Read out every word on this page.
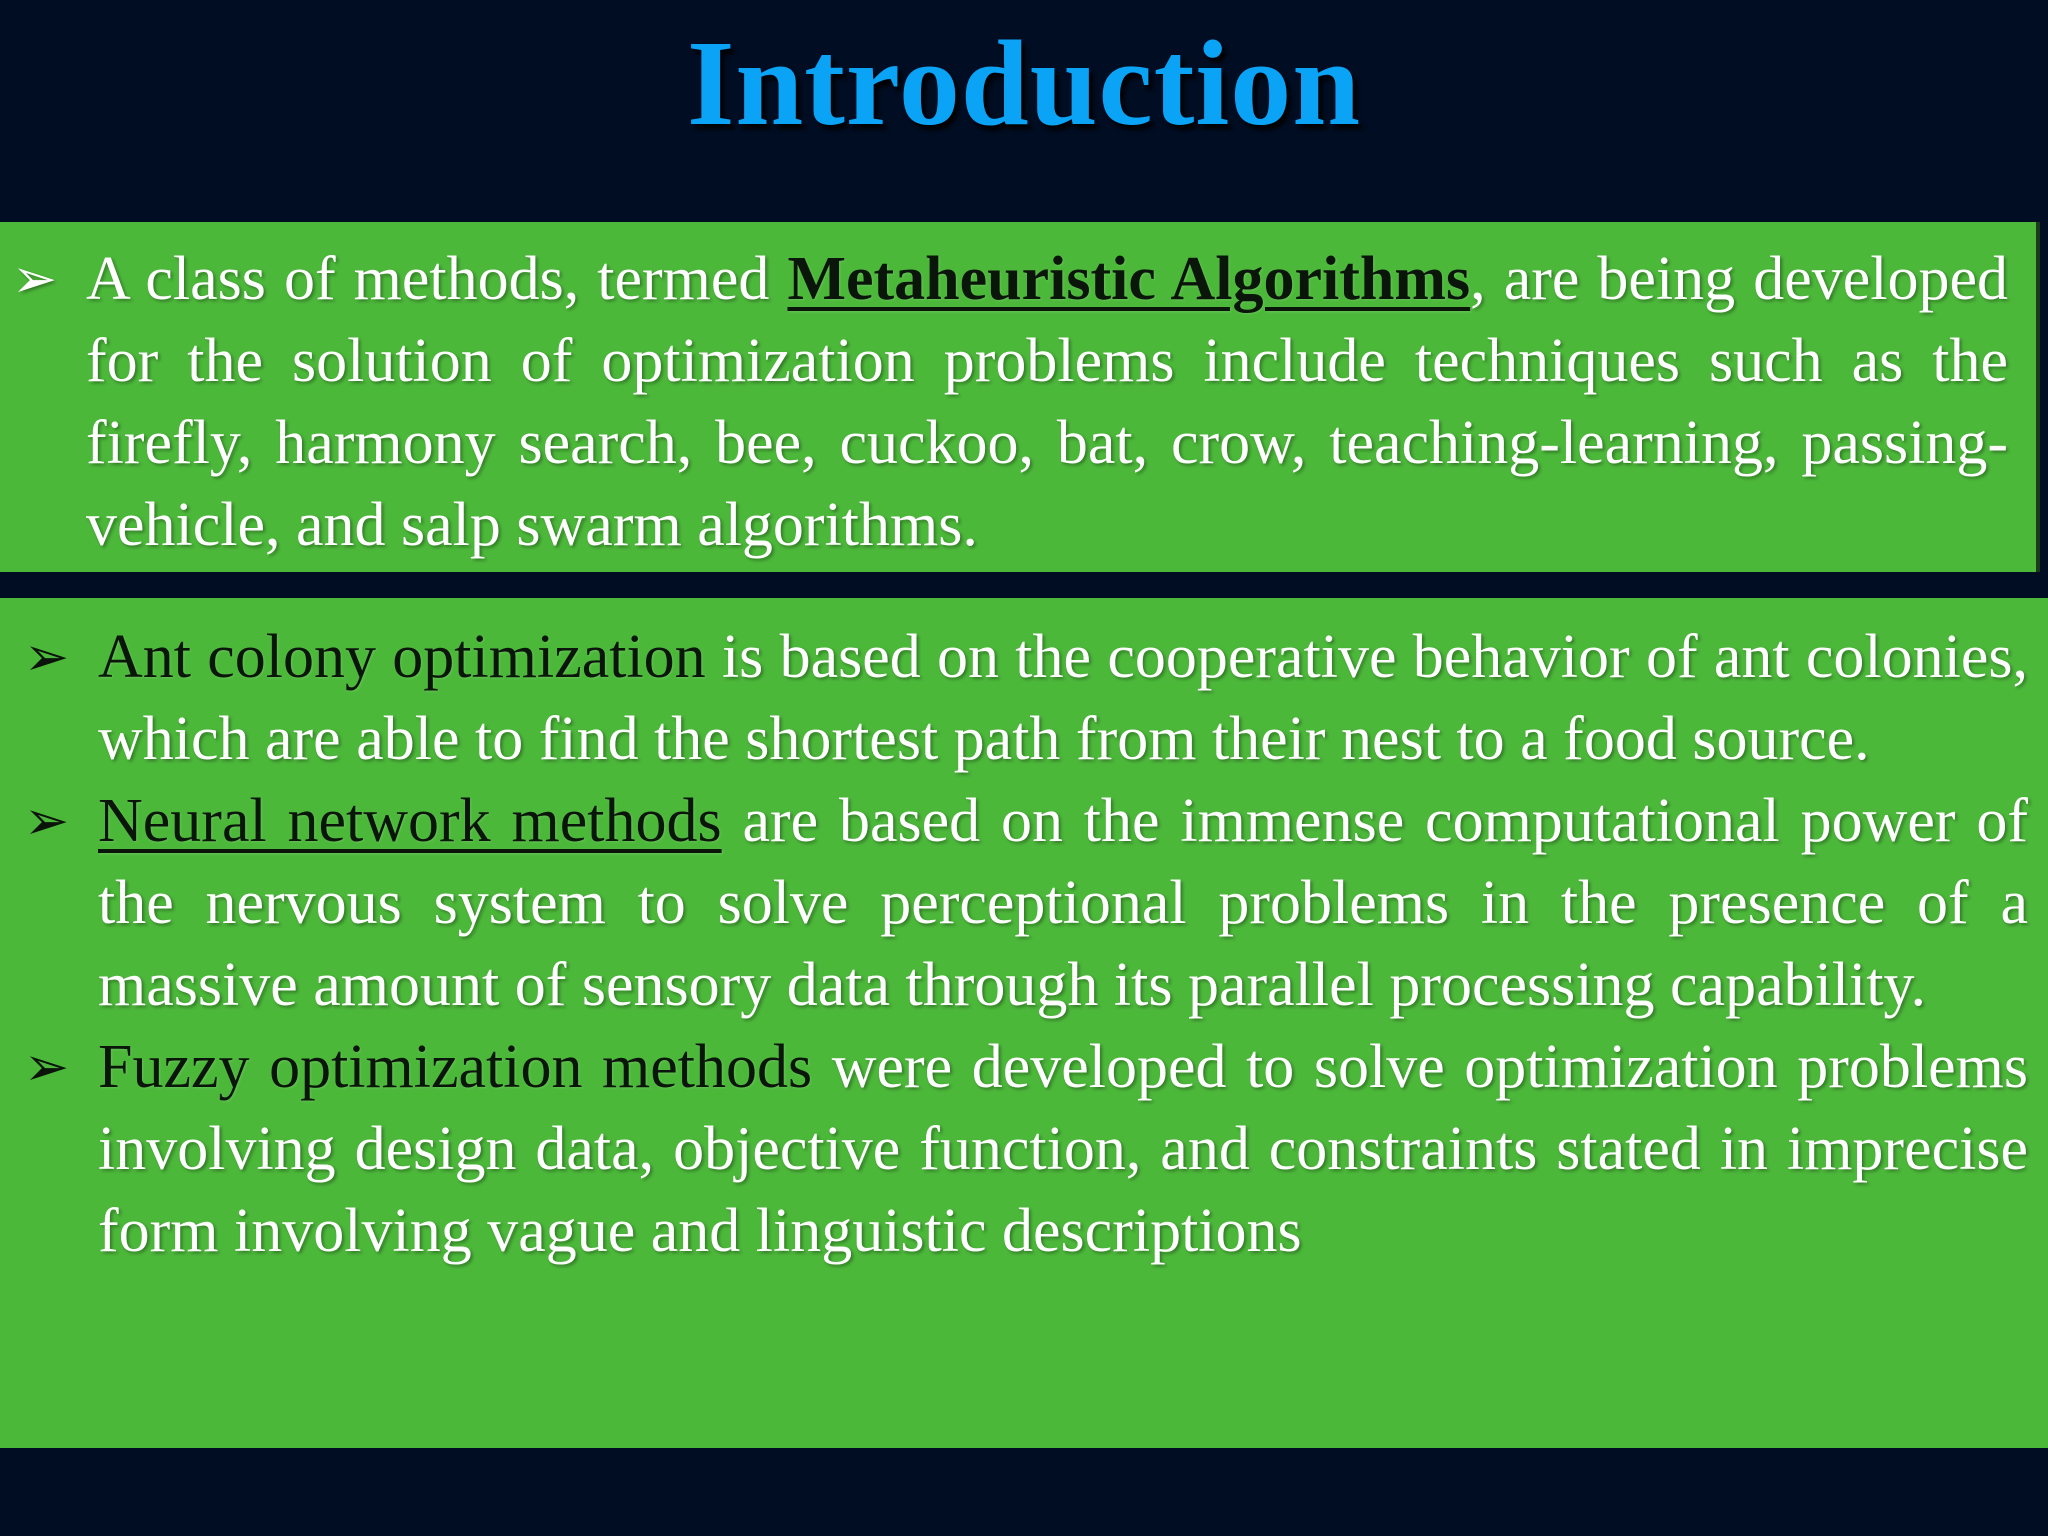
Introduction
➢ A class of methods, termed Metaheuristic Algorithms, are being developed for the solution of optimization problems include techniques such as the firefly, harmony search, bee, cuckoo, bat, crow, teaching-learning, passing-vehicle, and salp swarm algorithms.
➢ Ant colony optimization is based on the cooperative behavior of ant colonies, which are able to find the shortest path from their nest to a food source.
➢ Neural network methods are based on the immense computational power of the nervous system to solve perceptional problems in the presence of a massive amount of sensory data through its parallel processing capability.
➢ Fuzzy optimization methods were developed to solve optimization problems involving design data, objective function, and constraints stated in imprecise form involving vague and linguistic descriptions
